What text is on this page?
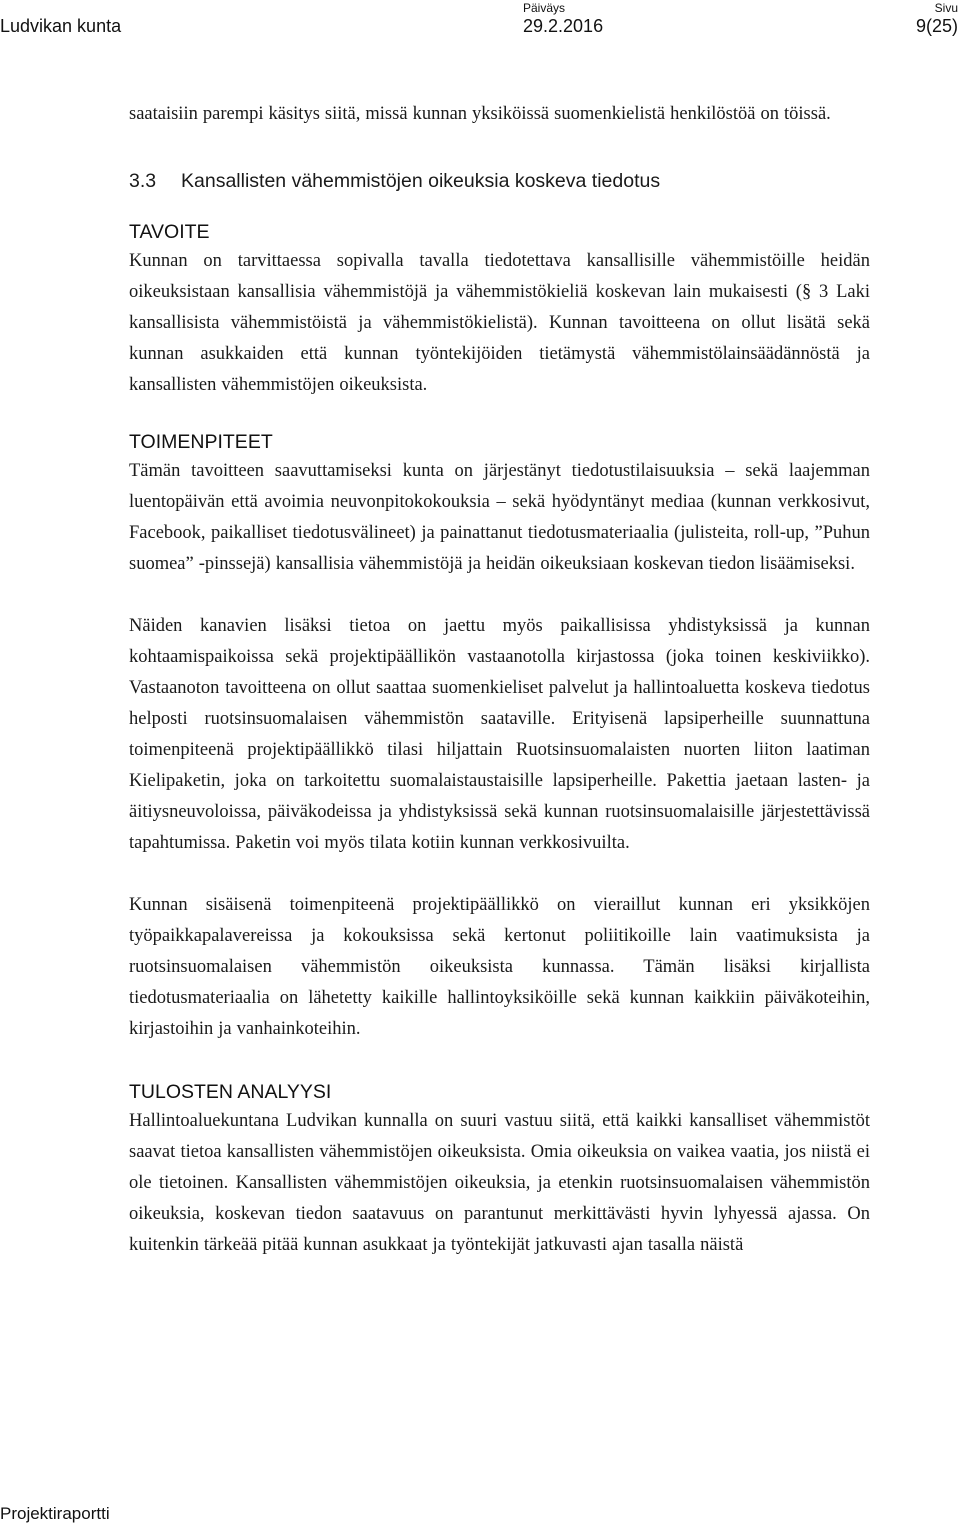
Ludvikan kunta
Päiväys
29.2.2016
Sivu
9(25)

saataisiin parempi käsitys siitä, missä kunnan yksiköissä suomenkielistä henkilöstöä on töissä.

3.3 Kansallisten vähemmistöjen oikeuksia koskeva tiedotus
TAVOITE

Kunnan on tarvittaessa sopivalla tavalla tiedotettava kansallisille vähemmistöille heidän oikeuksistaan kansallisia vähemmistöjä ja vähemmistökieliä koskevan lain mukaisesti (§ 3 Laki kansallisista vähemmistöistä ja vähemmistökielistä). Kunnan tavoitteena on ollut lisätä sekä kunnan asukkaiden että kunnan työntekijöiden tietämystä vähemmistölainsäädännöstä ja kansallisten vähemmistöjen oikeuksista.

TOIMENPITEET

Tämän tavoitteen saavuttamiseksi kunta on järjestänyt tiedotustilaisuuksia – sekä laajemman luentopäivän että avoimia neuvonpitokokouksia – sekä hyödyntänyt mediaa (kunnan verkkosivut, Facebook, paikalliset tiedotusvälineet) ja painattanut tiedotusmateriaalia (julisteita, roll-up, ”Puhun suomea” -pinssejä) kansallisia vähemmistöjä ja heidän oikeuksiaan koskevan tiedon lisäämiseksi.

Näiden kanavien lisäksi tietoa on jaettu myös paikallisissa yhdistyksissä ja kunnan kohtaamispaikoissa sekä projektipäällikön vastaanotolla kirjastossa (joka toinen keskiviikko). Vastaanoton tavoitteena on ollut saattaa suomenkieliset palvelut ja hallintoaluetta koskeva tiedotus helposti ruotsinsuomalaisen vähemmistön saataville. Erityisenä lapsiperheille suunnattuna toimenpiteenä projektipäällikkö tilasi hiljattain Ruotsinsuomalaisten nuorten liiton laatiman Kielipaketin, joka on tarkoitettu suomalaistaustaisille lapsiperheille. Pakettia jaetaan lasten- ja äitiysneuvoloissa, päiväkodeissa ja yhdistyksissä sekä kunnan ruotsinsuomalaisille järjestettävissä tapahtumissa. Paketin voi myös tilata kotiin kunnan verkkosivuilta.

Kunnan sisäisenä toimenpiteenä projektipäällikkö on vieraillut kunnan eri yksikköjen työpaikkapalavereissa ja kokouksissa sekä kertonut poliitikoille lain vaatimuksista ja ruotsinsuomalaisen vähemmistön oikeuksista kunnassa. Tämän lisäksi kirjallista tiedotusmateriaalia on lähetetty kaikille hallintoyksiköille sekä kunnan kaikkiin päiväkoteihin, kirjastoihin ja vanhainkoteihin.

TULOSTEN ANALYYSI

Hallintoaluekuntana Ludvikan kunnalla on suuri vastuu siitä, että kaikki kansalliset vähemmistöt saavat tietoa kansallisten vähemmistöjen oikeuksista. Omia oikeuksia on vaikea vaatia, jos niistä ei ole tietoinen. Kansallisten vähemmistöjen oikeuksia, ja etenkin ruotsinsuomalaisen vähemmistön oikeuksia, koskevan tiedon saatavuus on parantunut merkittävästi hyvin lyhyessä ajassa. On kuitenkin tärkeää pitää kunnan asukkaat ja työntekijät jatkuvasti ajan tasalla näistä

Projektiraportti
